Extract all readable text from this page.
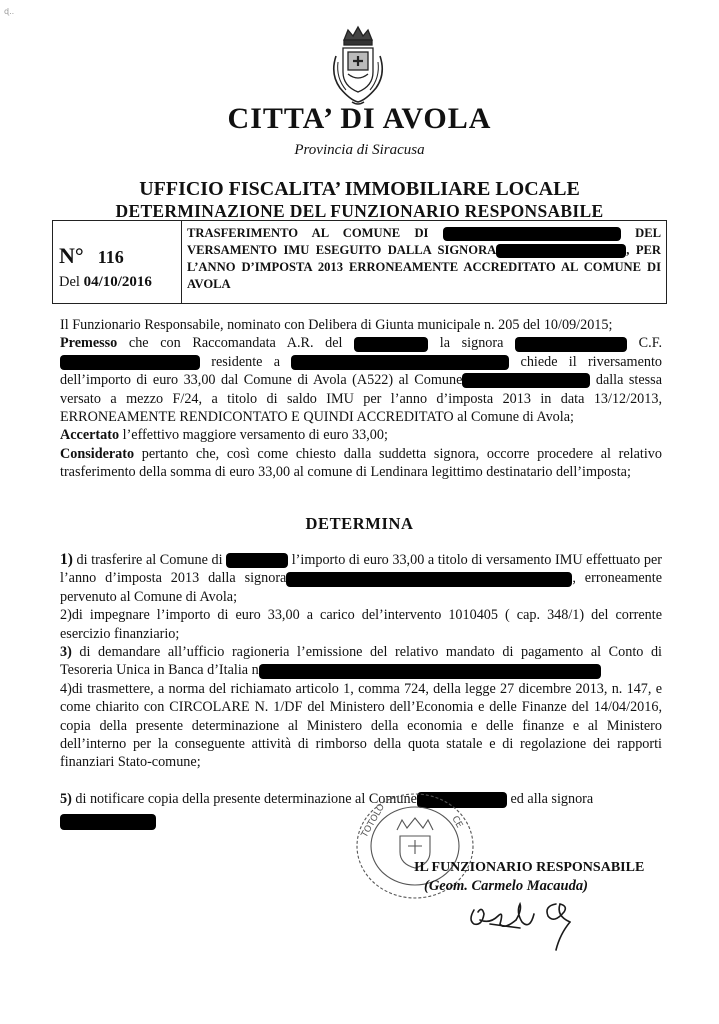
ɖ..
CITTA’ DI AVOLA
Provincia di Siracusa
UFFICIO FISCALITA’ IMMOBILIARE LOCALE
DETERMINAZIONE DEL FUNZIONARIO RESPONSABILE
N° 116
Del 04/10/2016
TRASFERIMENTO AL COMUNE DI	DEL VERSAMENTO IMU ESEGUITO DALLA SIGNORA	, PER L’ANNO D’IMPOSTA 2013 ERRONEAMENTE ACCREDITATO AL COMUNE DI AVOLA

Il Funzionario Responsabile, nominato con Delibera di Giunta municipale n. 205 del 10/09/2015;

Premesso che con Raccomandata A.R. del	la signora	C.F.  residente a	chiede il riversamento dell’importo di euro 33,00 dal Comune di Avola (A522) al Comune	dalla stessa versato a mezzo F/24, a titolo di saldo IMU per l’anno d’imposta 2013 in data 13/12/2013, ERRONEAMENTE RENDICONTATO E QUINDI ACCREDITATO al Comune di Avola;

Accertato l’effettivo maggiore versamento di euro 33,00;

Considerato pertanto che, così come chiesto dalla suddetta signora, occorre procedere al relativo trasferimento della somma di euro 33,00 al comune di Lendinara legittimo destinatario dell’imposta;

DETERMINA

1) di trasferire al Comune di	l’importo di euro 33,00 a titolo di versamento IMU effettuato per l’anno d’imposta 2013 dalla signora	, erroneamente pervenuto al Comune di Avola;

2)di impegnare l’importo di euro 33,00 a carico del’intervento 1010405 ( cap. 348/1) del corrente esercizio finanziario;

3) di demandare all’ufficio ragioneria l’emissione del relativo mandato di pagamento al Conto di Tesoreria Unica in Banca d’Italia n

4)di trasmettere, a norma del richiamato articolo 1, comma 724, della legge 27 dicembre 2013, n. 147, e come chiarito con CIRCOLARE N. 1/DF del Ministero dell’Economia e delle Finanze del 14/04/2016, copia della presente determinazione al Ministero della economia e delle finanze e al Ministero dell’interno per la conseguente attività di rimborso della quota statale e di regolazione dei rapporti finanziari Stato-comune;

5) di notificare copia della presente determinazione al Comune	ed alla signora

TOTOLO	CE
IL FUNZIONARIO RESPONSABILE
(Geom. Carmelo Macauda)
